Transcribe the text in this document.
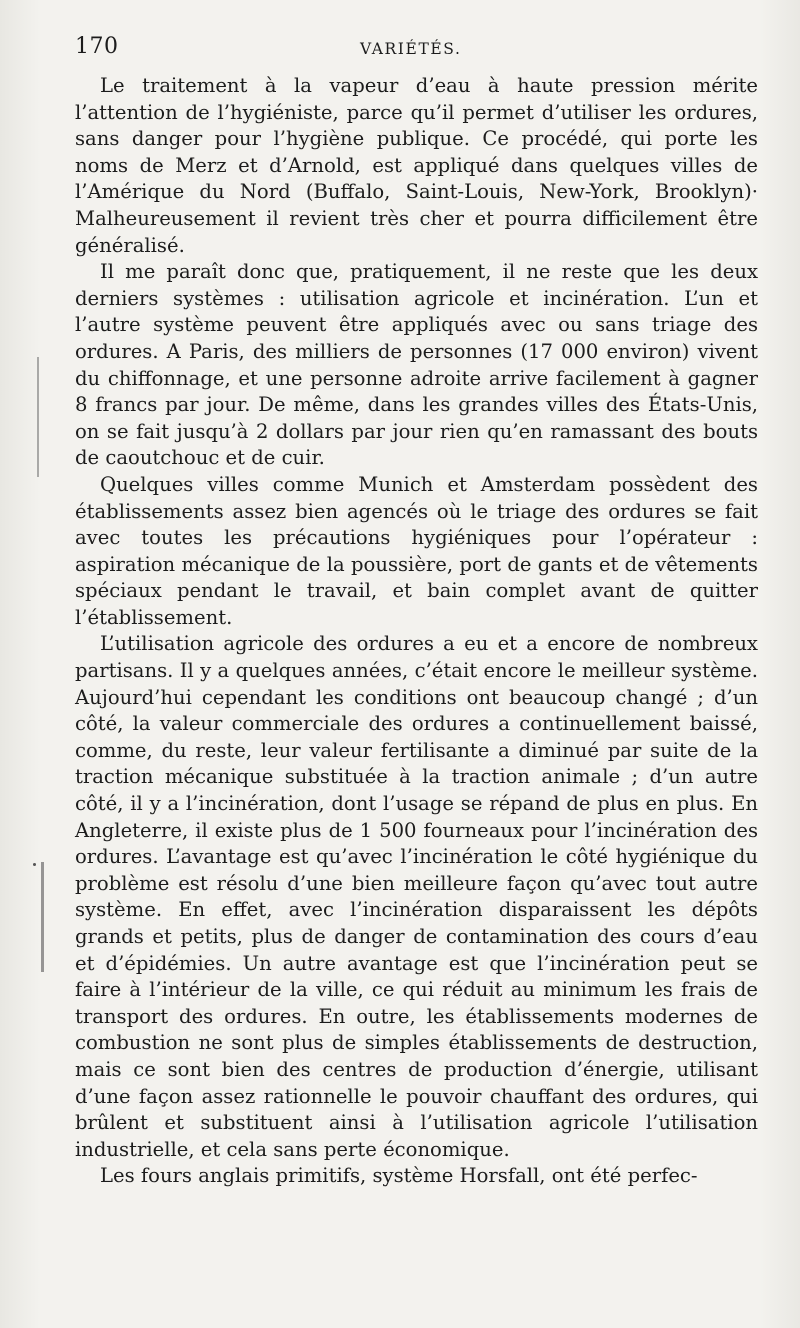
170	VARIÉTÉS.

Le traitement à la vapeur d’eau à haute pression mérite l’attention de l’hygiéniste, parce qu’il permet d’utiliser les ordures, sans danger pour l’hygiène publique. Ce procédé, qui porte les noms de Merz et d’Arnold, est appliqué dans quelques villes de l’Amérique du Nord (Buffalo, Saint-Louis, New-York, Brooklyn)· Malheureusement il revient très cher et pourra difficilement être généralisé.

Il me paraît donc que, pratiquement, il ne reste que les deux derniers systèmes : utilisation agricole et incinération. L’un et l’autre système peuvent être appliqués avec ou sans triage des ordures. A Paris, des milliers de personnes (17 000 environ) vivent du chiffonnage, et une personne adroite arrive facilement à gagner 8 francs par jour. De même, dans les grandes villes des États-Unis, on se fait jusqu’à 2 dollars par jour rien qu’en ramassant des bouts de caoutchouc et de cuir.

Quelques villes comme Munich et Amsterdam possèdent des établissements assez bien agencés où le triage des ordures se fait avec toutes les précautions hygiéniques pour l’opérateur : aspiration mécanique de la poussière, port de gants et de vêtements spéciaux pendant le travail, et bain complet avant de quitter l’établissement.

L’utilisation agricole des ordures a eu et a encore de nombreux partisans. Il y a quelques années, c’était encore le meilleur système. Aujourd’hui cependant les conditions ont beaucoup changé ; d’un côté, la valeur commerciale des ordures a continuellement baissé, comme, du reste, leur valeur fertilisante a diminué par suite de la traction mécanique substituée à la traction animale ; d’un autre côté, il y a l’incinération, dont l’usage se répand de plus en plus. En Angleterre, il existe plus de 1 500 fourneaux pour l’incinération des ordures. L’avantage est qu’avec l’incinération le côté hygiénique du problème est résolu d’une bien meilleure façon qu’avec tout autre système. En effet, avec l’incinération disparaissent les dépôts grands et petits, plus de danger de contamination des cours d’eau et d’épidémies. Un autre avantage est que l’incinération peut se faire à l’intérieur de la ville, ce qui réduit au minimum les frais de transport des ordures. En outre, les établissements modernes de combustion ne sont plus de simples établissements de destruction, mais ce sont bien des centres de production d’énergie, utilisant d’une façon assez rationnelle le pouvoir chauffant des ordures, qui brûlent et substituent ainsi à l’utilisation agricole l’utilisation industrielle, et cela sans perte économique.

Les fours anglais primitifs, système Horsfall, ont été perfec-
